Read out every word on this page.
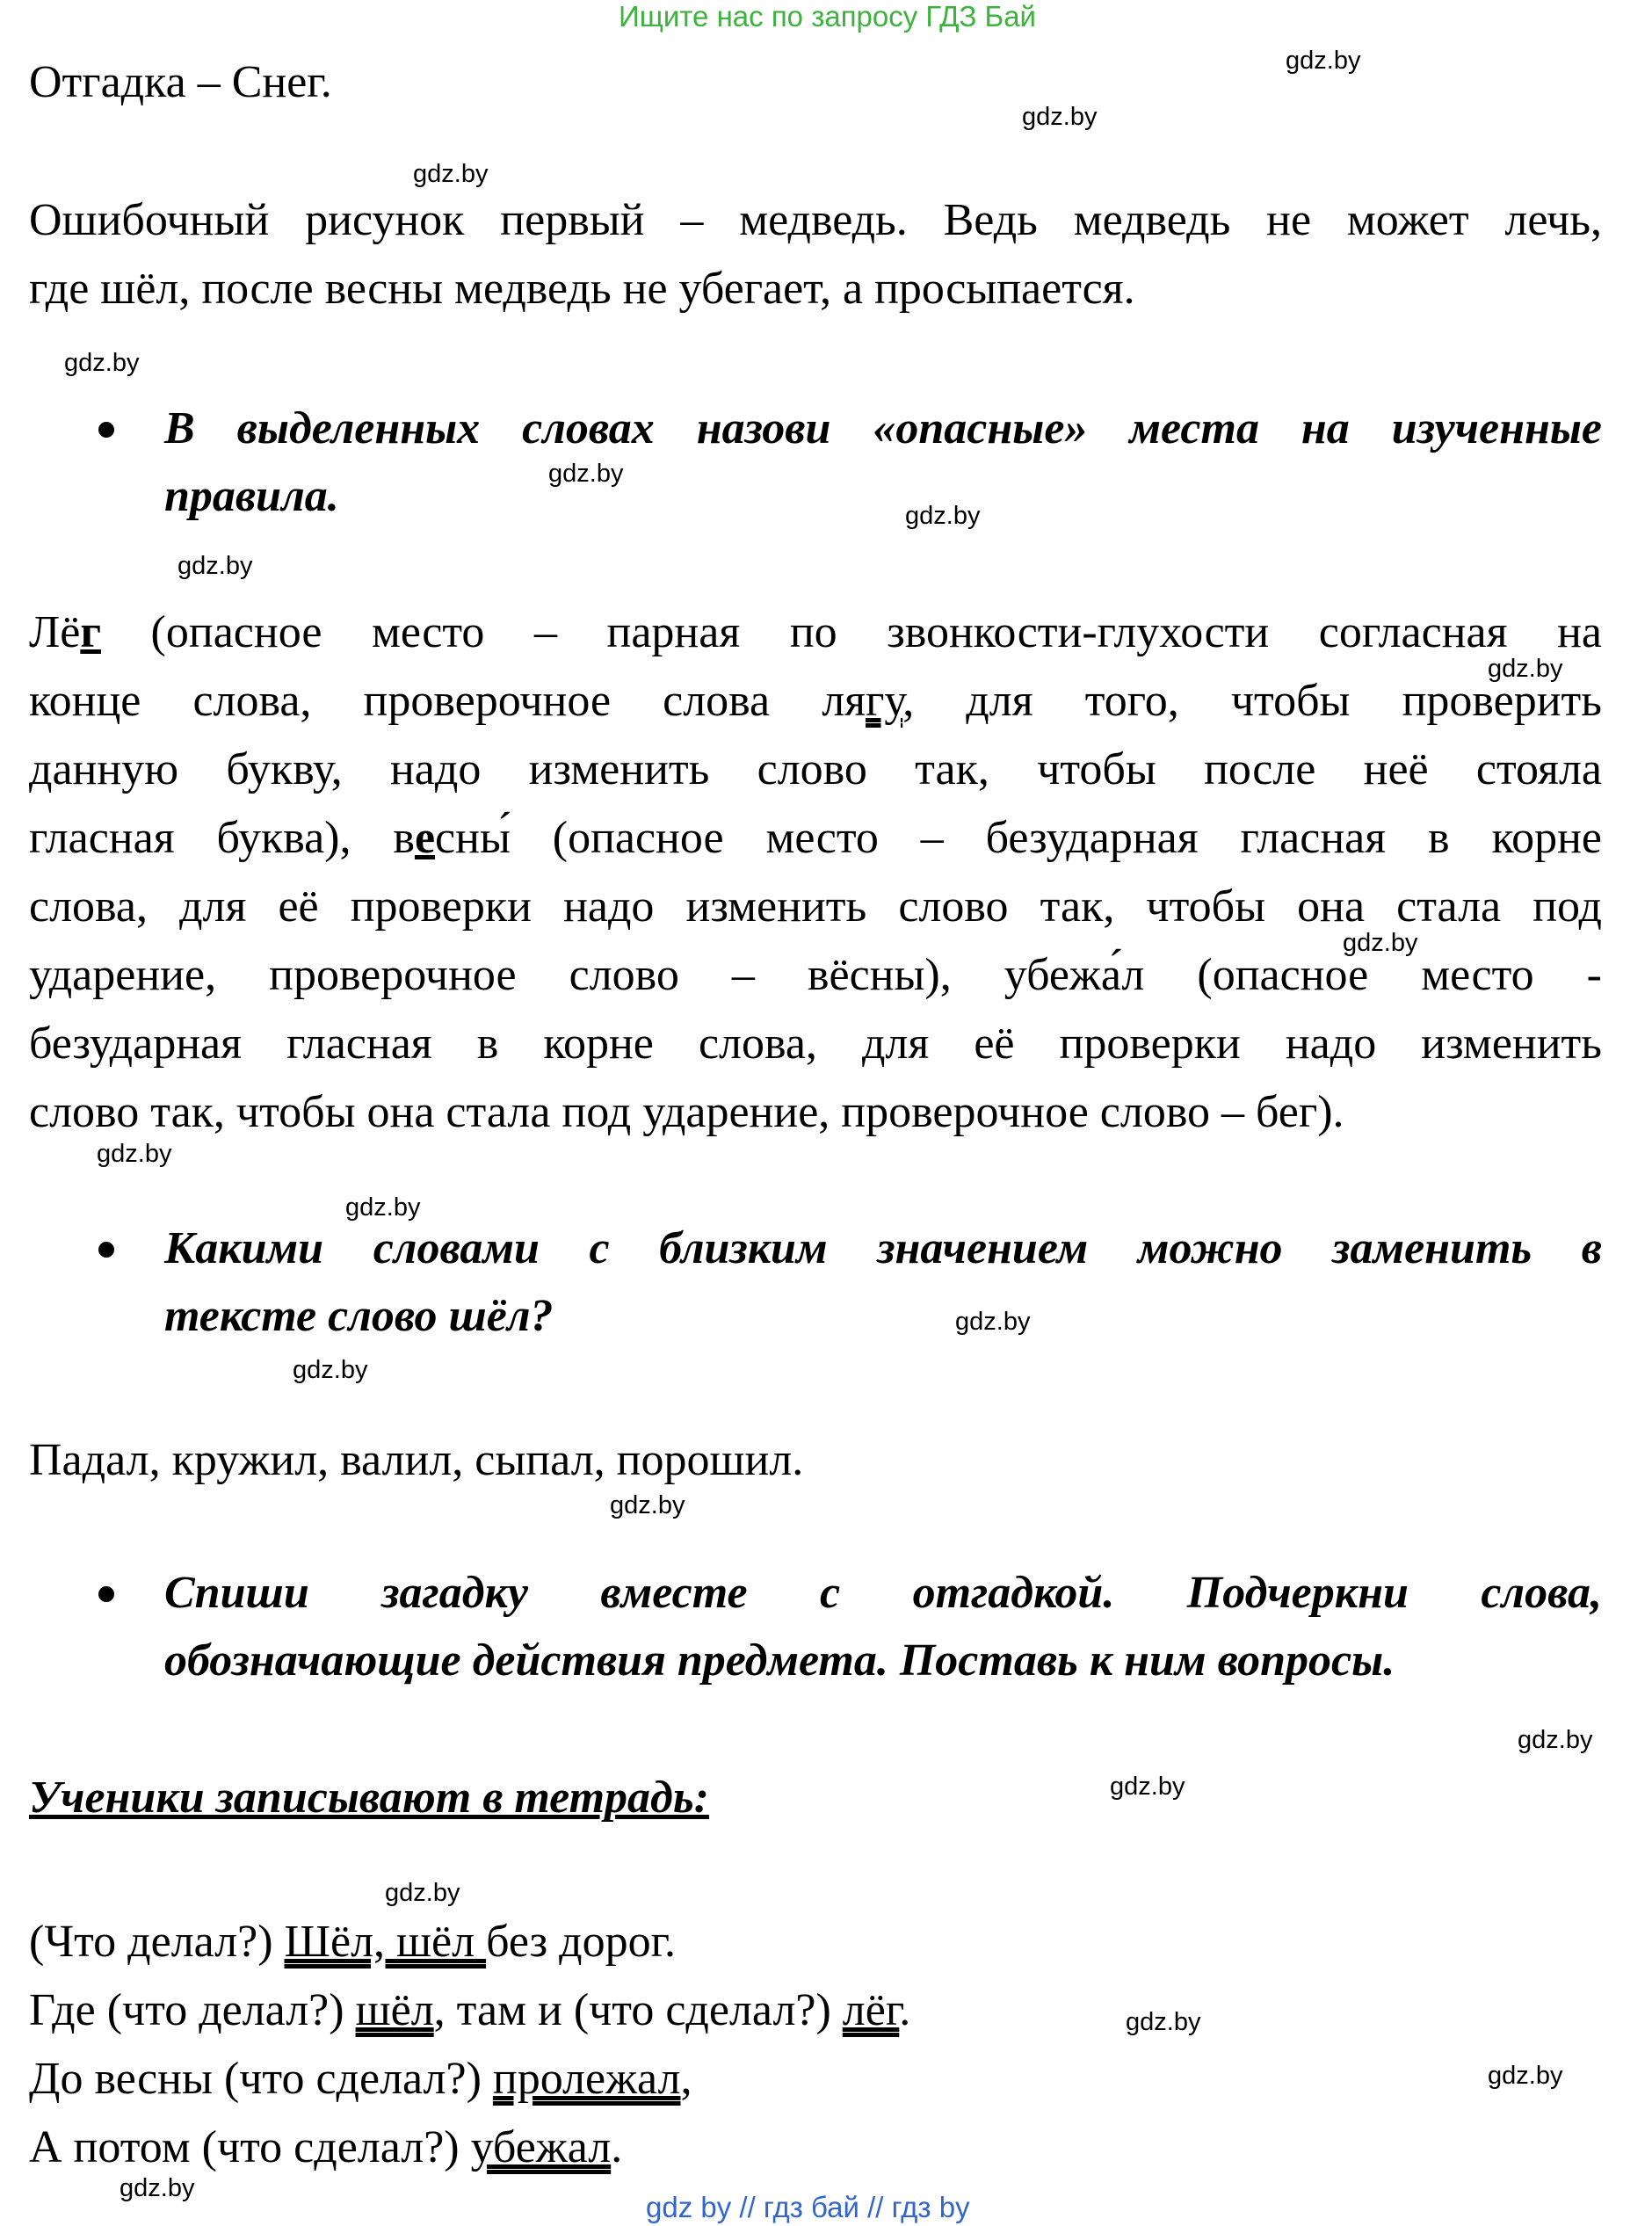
Ищите нас по запросу ГДЗ Бай
gdz.by
gdz.by
gdz.by
gdz.by
gdz.by
gdz.by
gdz.by
gdz.by
gdz.by
gdz.by
gdz.by
gdz.by
gdz.by
gdz.by
gdz.by
gdz.by
gdz.by
gdz.by
gdz.by
gdz.by
Отгадка – Снег.
Ошибочный рисунок первый – медведь. Ведь медведь не может лечь,
где шёл, после весны медведь не убегает, а просыпается.
В выделенных словах назови «опасные» места на изученные
правила.
Лёг (опасное место – парная по звонкости-глухости согласная на
конце слова, проверочное слова лягу, для того, чтобы проверить
данную букву, надо изменить слово так, чтобы после неё стояла
гласная буква), весны́ (опасное место – безударная гласная в корне
слова, для её проверки надо изменить слово так, чтобы она стала под
ударение, проверочное слово – вёсны), убежа́л (опасное место -
безударная гласная в корне слова, для её проверки надо изменить
слово так, чтобы она стала под ударение, проверочное слово – бег).
Какими словами с близким значением можно заменить в
тексте слово шёл?
Падал, кружил, валил, сыпал, порошил.
Спиши загадку вместе с отгадкой. Подчеркни слова,
обозначающие действия предмета. Поставь к ним вопросы.
Ученики записывают в тетрадь:
(Что делал?) Шёл, шёл без дорог.
Где (что делал?) шёл, там и (что сделал?) лёг.
До весны (что сделал?) пролежал,
А потом (что сделал?) убежал.
gdz by // гдз бай // гдз by
